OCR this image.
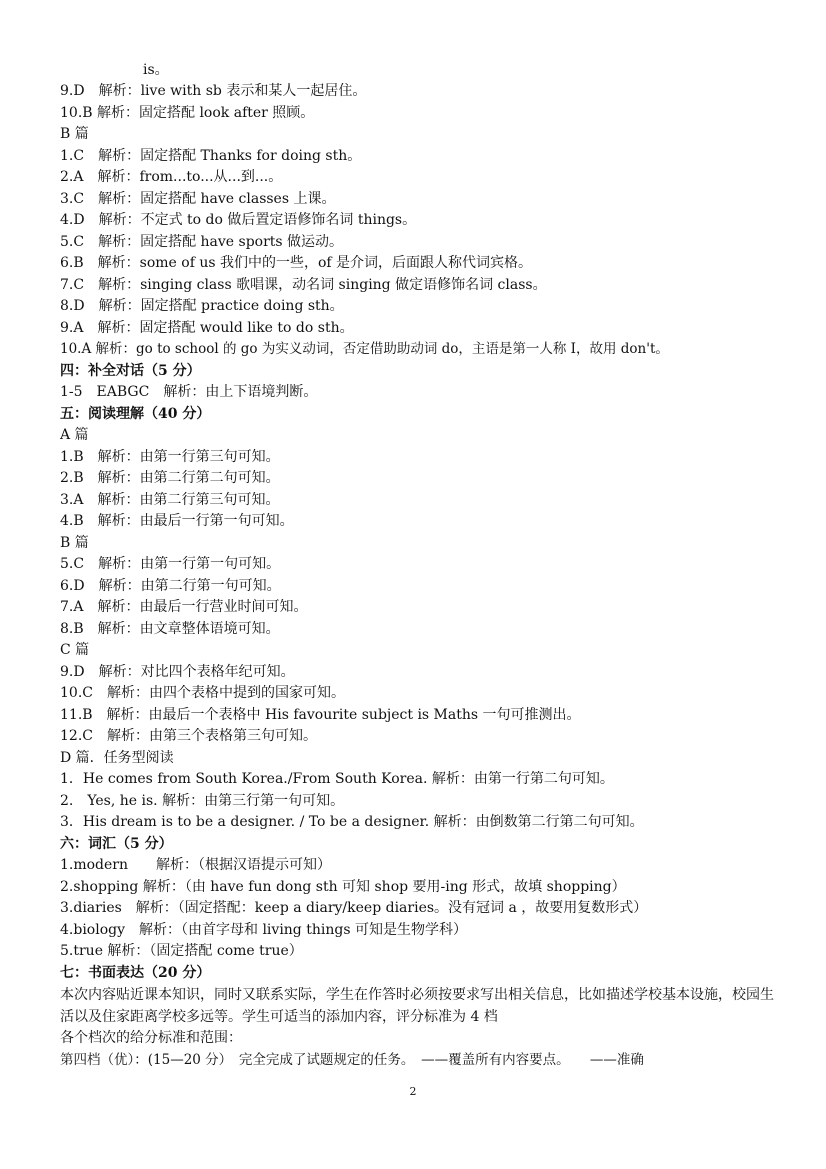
is。
9.D　解析：live with sb 表示和某人一起居住。
10.B 解析：固定搭配 look after 照顾。
B 篇
1.C　解析：固定搭配 Thanks for doing sth。
2.A　解析：from...to...从...到...。
3.C　解析：固定搭配 have classes 上课。
4.D　解析：不定式 to do 做后置定语修饰名词 things。
5.C　解析：固定搭配 have sports 做运动。
6.B　解析：some of us 我们中的一些，of 是介词，后面跟人称代词宾格。
7.C　解析：singing class 歌唱课，动名词 singing 做定语修饰名词 class。
8.D　解析：固定搭配 practice doing sth。
9.A　解析：固定搭配 would like to do sth。
10.A 解析：go to school 的 go 为实义动词，否定借助助动词 do，主语是第一人称 I，故用 don't。
四：补全对话（5 分）
1-5　EABGC　解析：由上下语境判断。
五：阅读理解（40 分）
A 篇
1.B　解析：由第一行第三句可知。
2.B　解析：由第二行第二句可知。
3.A　解析：由第二行第三句可知。
4.B　解析：由最后一行第一句可知。
B 篇
5.C　解析：由第一行第一句可知。
6.D　解析：由第二行第一句可知。
7.A　解析：由最后一行营业时间可知。
8.B　解析：由文章整体语境可知。
C 篇
9.D　解析：对比四个表格年纪可知。
10.C　解析：由四个表格中提到的国家可知。
11.B　解析：由最后一个表格中 His favourite subject is Maths 一句可推测出。
12.C　解析：由第三个表格第三句可知。
D 篇．任务型阅读
1．He comes from South Korea./From South Korea. 解析：由第一行第二句可知。
2.　Yes, he is. 解析：由第三行第一句可知。
3．His dream is to be a designer. / To be a designer. 解析：由倒数第二行第二句可知。
六：词汇（5 分）
1.modern　　解析：（根据汉语提示可知）
2.shopping 解析：（由 have fun dong sth 可知 shop 要用-ing 形式，故填 shopping）
3.diaries　解析：（固定搭配：keep a diary/keep diaries。没有冠词 a ，故要用复数形式）
4.biology　解析：（由首字母和 living things 可知是生物学科）
5.true 解析：（固定搭配 come true）
七：书面表达（20 分）
本次内容贴近课本知识，同时又联系实际，学生在作答时必须按要求写出相关信息，比如描述学校基本设施，校园生活以及住家距离学校多远等。学生可适当的添加内容，评分标准为 4 档
各个档次的给分标准和范围：
第四档（优）：(15—20 分）　完全完成了试题规定的任务。　——覆盖所有内容要点。　　——准确
2
